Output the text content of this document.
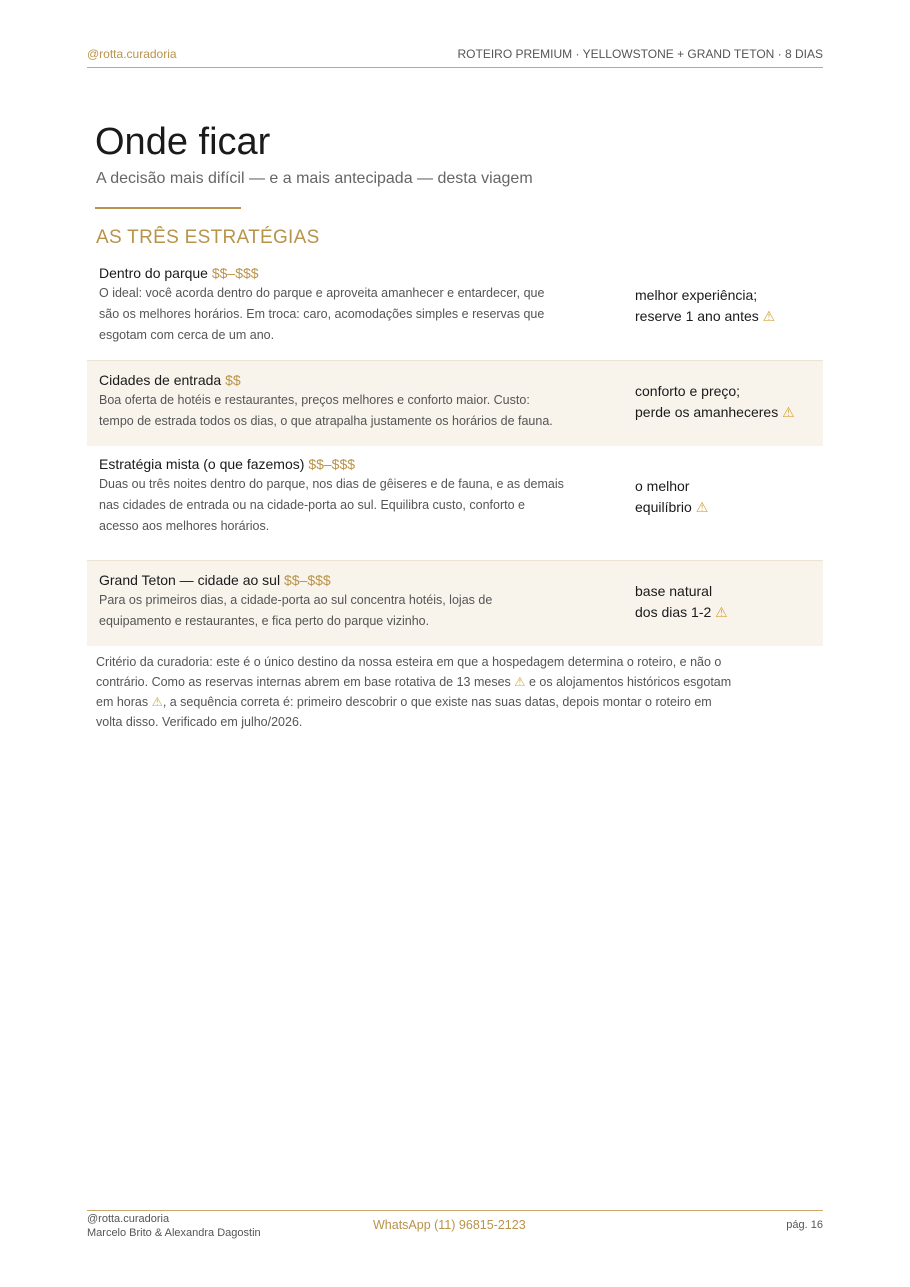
@rotta.curadoria	ROTEIRO PREMIUM · YELLOWSTONE + GRAND TETON · 8 DIAS
Onde ficar
A decisão mais difícil — e a mais antecipada — desta viagem
AS TRÊS ESTRATÉGIAS
Dentro do parque $$–$$$
O ideal: você acorda dentro do parque e aproveita amanhecer e entardecer, que
são os melhores horários. Em troca: caro, acomodações simples e reservas que
esgotam com cerca de um ano.
melhor experiência;
reserve 1 ano antes ⚠
Cidades de entrada $$
Boa oferta de hotéis e restaurantes, preços melhores e conforto maior. Custo:
tempo de estrada todos os dias, o que atrapalha justamente os horários de fauna.
conforto e preço;
perde os amanheceres ⚠
Estratégia mista (o que fazemos) $$–$$$
Duas ou três noites dentro do parque, nos dias de gêiseres e de fauna, e as demais
nas cidades de entrada ou na cidade-porta ao sul. Equilibra custo, conforto e
acesso aos melhores horários.
o melhor
equilíbrio ⚠
Grand Teton — cidade ao sul $$–$$$
Para os primeiros dias, a cidade-porta ao sul concentra hotéis, lojas de
equipamento e restaurantes, e fica perto do parque vizinho.
base natural
dos dias 1-2 ⚠
Critério da curadoria: este é o único destino da nossa esteira em que a hospedagem determina o roteiro, e não o
contrário. Como as reservas internas abrem em base rotativa de 13 meses ⚠ e os alojamentos históricos esgotam
em horas ⚠, a sequência correta é: primeiro descobrir o que existe nas suas datas, depois montar o roteiro em
volta disso. Verificado em julho/2026.
@rotta.curadoria
Marcelo Brito & Alexandra Dagostin
WhatsApp (11) 96815-2123	pág. 16
